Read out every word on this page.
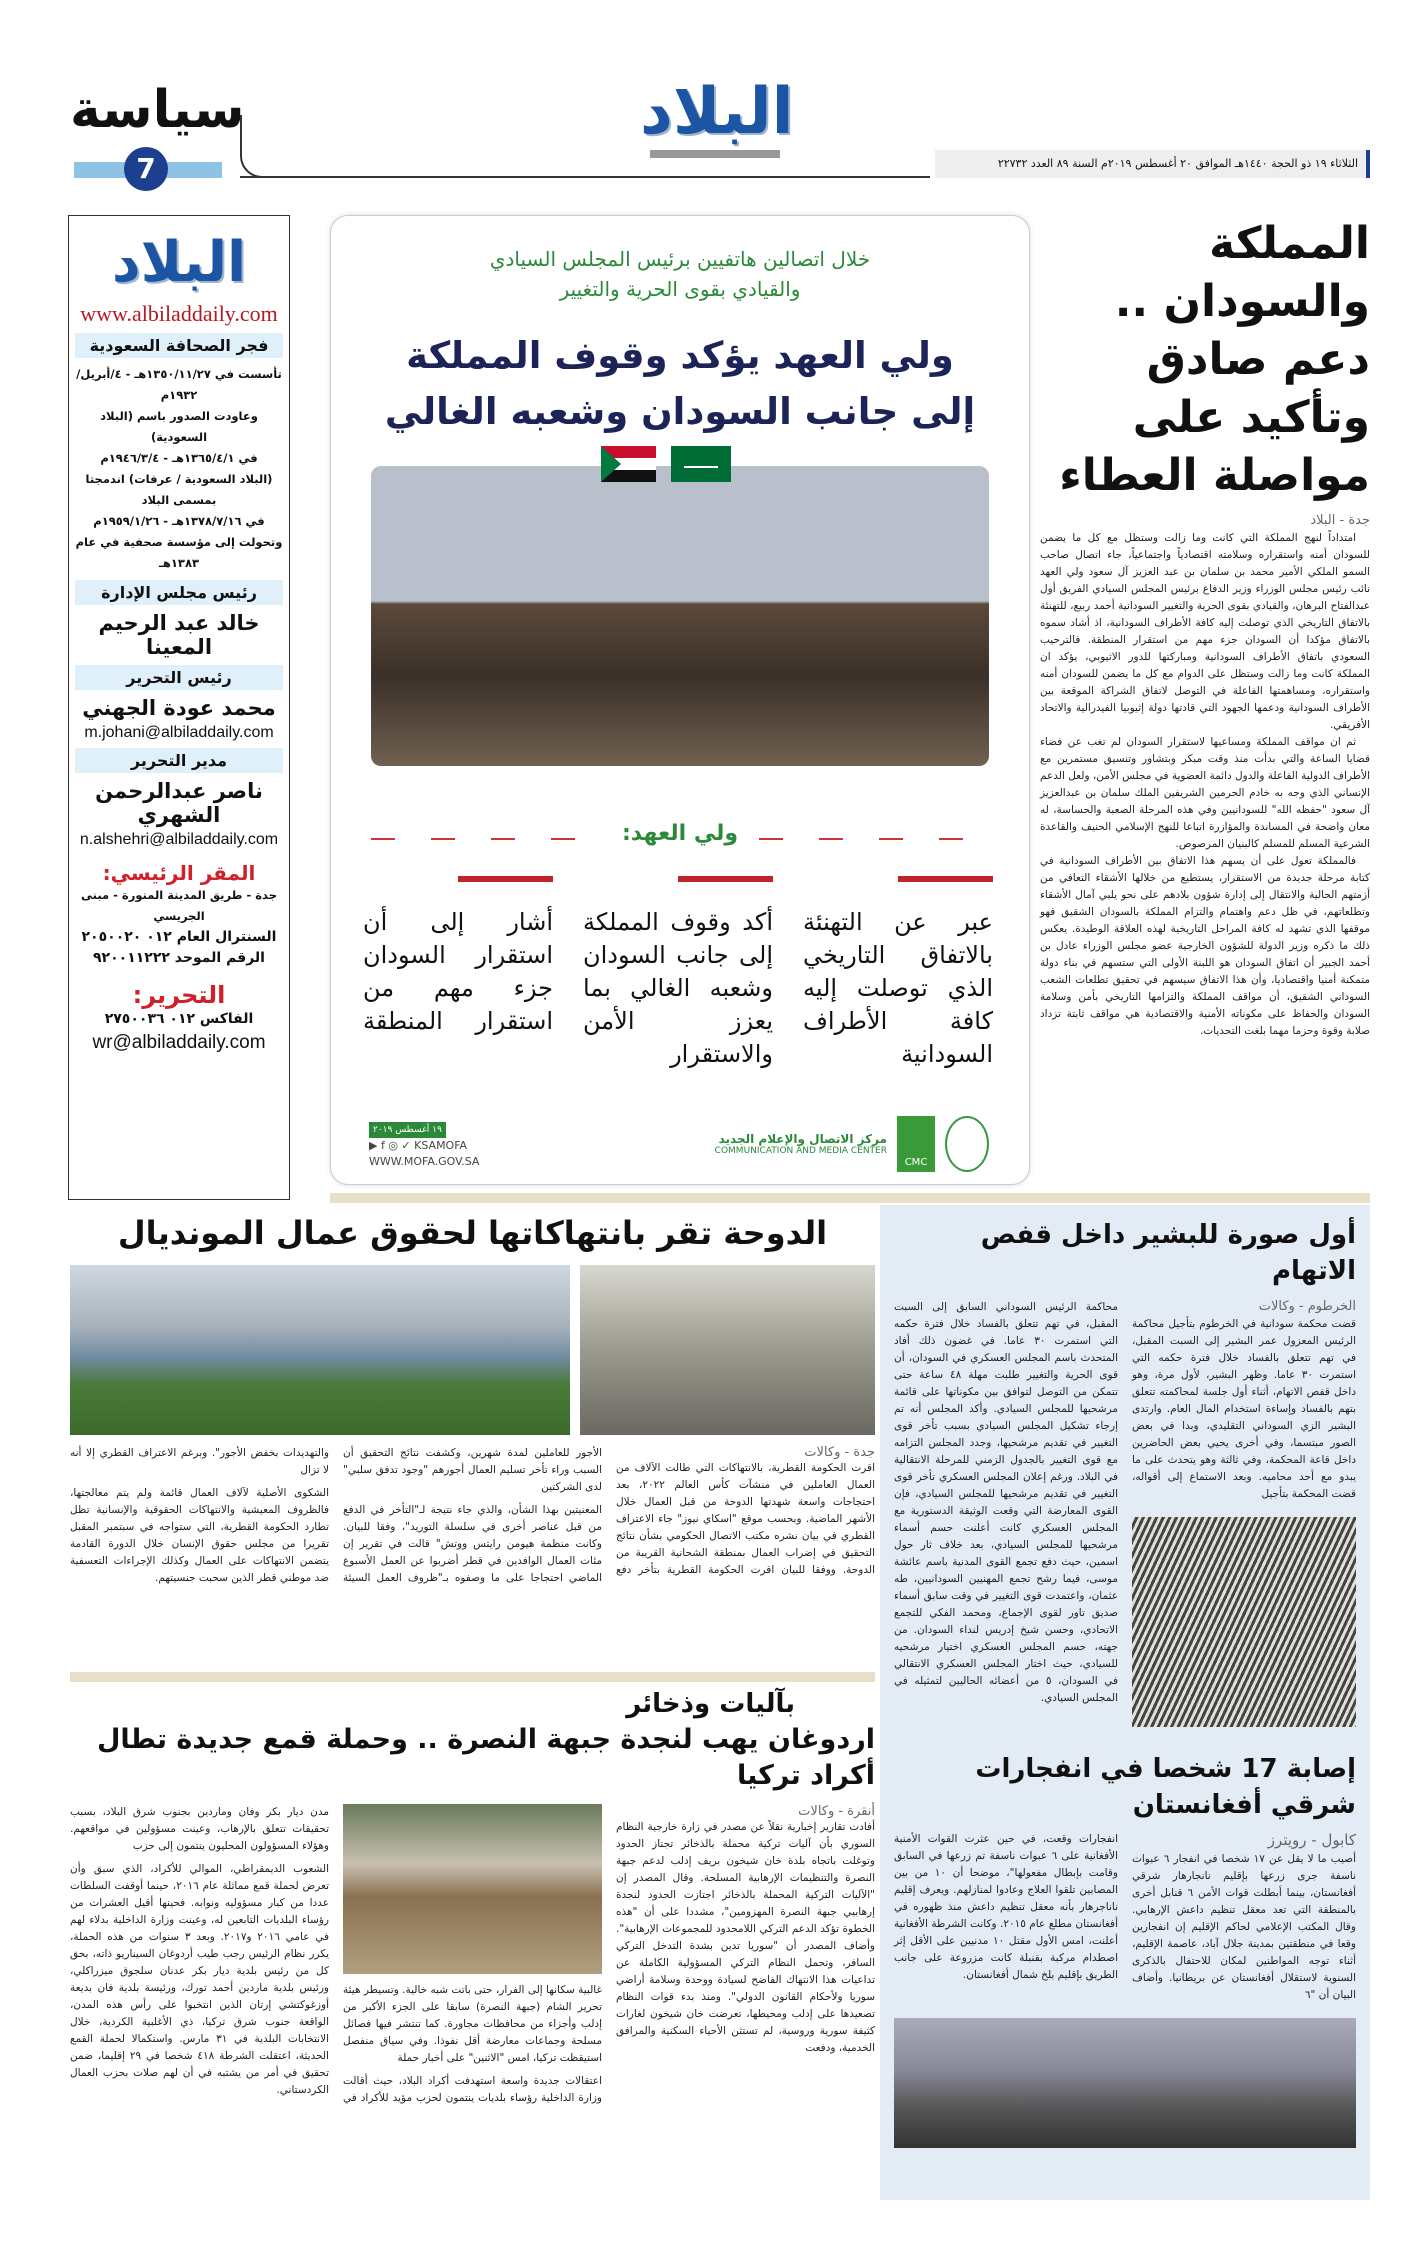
سياسة
7
البلاد
الثلاثاء ١٩ ذو الحجة ١٤٤٠هـ الموافق ٢٠ أغسطس ٢٠١٩م السنة ٨٩ العدد ٢٢٧٣٢
البلاد
www.albiladdaily.com
فجر الصحافة السعودية
تأسست في ١٣٥٠/١١/٢٧هـ - ٤/أبريل/١٩٣٢م
وعاودت الصدور باسم (البلاد السعودية)
في ١٣٦٥/٤/١هـ - ١٩٤٦/٣/٤م
(البلاد السعودية / عرفات) اندمجتا بمسمى البلاد
في ١٣٧٨/٧/١٦هـ - ١٩٥٩/١/٢٦م
وتحولت إلى مؤسسة صحفية في عام ١٣٨٣هـ
رئيس مجلس الإدارة
خالد عبد الرحيم المعينا
رئيس التحرير
محمد عودة الجهني
m.johani@albiladdaily.com
مدير التحرير
ناصر عبدالرحمن الشهري
n.alshehri@albiladdaily.com
المقر الرئيسي:
جدة - طريق المدينة المنورة - مبنى الجريسي
السنترال العام ٠١٢ ٢٠٥٠٠٢٠
الرقم الموحد ٩٢٠٠١١٢٢٢
التحرير:
الفاكس ٠١٢ ٢٧٥٠٠٣٦
wr@albiladdaily.com
خلال اتصالين هاتفيين برئيس المجلس السيادي
والقيادي بقوى الحرية والتغيير
ولي العهد يؤكد وقوف المملكة
إلى جانب السودان وشعبه الغالي
ولي العهد:
عبر عن التهنئة بالاتفاق التاريخي الذي توصلت إليه كافة الأطراف السودانية
أكد وقوف المملكة إلى جانب السودان وشعبه الغالي بما يعزز الأمن والاستقرار
أشار إلى أن استقرار السودان جزء مهم من استقرار المنطقة
١٩ أغسطس ٢٠١٩
▶ f ◎ ✓ KSAMOFA
WWW.MOFA.GOV.SA	CMC
مركز الاتصال والإعلام الجديد
COMMUNICATION AND MEDIA CENTER
المملكة والسودان ..
دعم صادق
وتأكيد على
مواصلة العطاء
جدة - البلاد

امتداداً لنهج المملكة التي كانت وما زالت وستظل مع كل ما يضمن للسودان أمنه واستقراره وسلامته اقتصادياً واجتماعياً، جاء اتصال صاحب السمو الملكي الأمير محمد بن سلمان بن عبد العزيز آل سعود ولي العهد نائب رئيس مجلس الوزراء وزير الدفاع برئيس المجلس السيادي الفريق أول عبدالفتاح البرهان، والقيادي بقوى الحرية والتغيير السودانية أحمد ربيع، للتهنئة بالاتفاق التاريخي الذي توصلت إليه كافة الأطراف السودانية، اذ أشاد سموه بالاتفاق مؤكدا أن السودان جزء مهم من استقرار المنطقة. فالترحيب السعودي باتفاق الأطراف السودانية ومباركتها للدور الاثيوبي، يؤكد ان المملكة كانت وما زالت وستظل على الدوام مع كل ما يضمن للسودان أمنه واستقراره، ومساهمتها الفاعلة في التوصل لاتفاق الشراكة الموقعة بين الأطراف السودانية ودعمها الجهود التي قادتها دولة إثيوبيا الفيدرالية والاتحاد الأفريقي.

ثم ان مواقف المملكة ومساعيها لاستقرار السودان لم تغب عن فضاء قضايا الساعة والتي بدأت منذ وقت مبكر وبتشاور وتنسيق مستمرين مع الأطراف الدولية الفاعلة والدول دائمة العضوية في مجلس الأمن، ولعل الدعم الإنساني الذي وجه به خادم الحرمين الشريفين الملك سلمان بن عبدالعزيز آل سعود "حفظه الله" للسودانيين وفي هذه المرحلة الصعبة والحساسة، له معان واضحة في المساندة والمؤازرة اتباعا للنهج الإسلامي الحنيف والقاعدة الشرعية المسلم للمسلم كالبنيان المرصوص.

فالمملكة تعول على أن يسهم هذا الاتفاق بين الأطراف السودانية في كتابة مرحلة جديدة من الاستقرار، يستطيع من خلالها الأشقاء التعافي من أزمتهم الحالية والانتقال إلى إدارة شؤون بلادهم على نحو يلبي آمال الأشقاء وتطلعاتهم، في ظل دعم واهتمام والتزام المملكة بالسودان الشقيق فهو موقفها الذي تشهد له كافة المراحل التاريخية لهذه العلاقة الوطيدة. يعكس ذلك ما ذكره وزير الدولة للشؤون الخارجية عضو مجلس الوزراء عادل بن أحمد الجبير أن اتفاق السودان هو اللبنة الأولى التي ستسهم في بناء دولة متمكنة أمنيا واقتصاديا، وأن هذا الاتفاق سيسهم في تحقيق تطلعات الشعب السوداني الشقيق، أن مواقف المملكة والتزامها التاريخي بأمن وسلامة السودان والحفاظ على مكوناته الأمنية والاقتصادية هي مواقف ثابتة تزداد صلابة وقوة وحزما مهما بلغت التحديات.

أول صورة للبشير داخل قفص الاتهام
الخرطوم - وكالات
قضت محكمة سودانية في الخرطوم بتأجيل محاكمة الرئيس المعزول عمر البشير إلى السبت المقبل، في تهم تتعلق بالفساد خلال فترة حكمه التي استمرت ٣٠ عاما. وظهر البشير، لأول مرة، وهو داخل قفص الاتهام، أثناء أول جلسة لمحاكمته تتعلق بتهم بالفساد وإساءة استخدام المال العام. وارتدى البشير الزي السوداني التقليدي، وبدا في بعض الصور مبتسما، وفي أخرى يحيي بعض الحاضرين داخل قاعة المحكمة، وفي ثالثة وهو يتحدث على ما يبدو مع أحد محاميه. وبعد الاستماع إلى أقواله، قضت المحكمة بتأجيل
محاكمة الرئيس السوداني السابق إلى السبت المقبل، في تهم تتعلق بالفساد خلال فترة حكمه التي استمرت ٣٠ عاما. في غضون ذلك أفاد المتحدث باسم المجلس العسكري في السودان، أن قوى الحرية والتغيير طلبت مهلة ٤٨ ساعة حتى تتمكن من التوصل لتوافق بين مكوناتها على قائمة مرشحيها للمجلس السيادي. وأكد المجلس أنه تم إرجاء تشكيل المجلس السيادي بسبب تأخر قوى التغيير في تقديم مرشحيها، وجدد المجلس التزامه مع قوى التغيير بالجدول الزمني للمرحلة الانتقالية في البلاد. ورغم إعلان المجلس العسكري تأخر قوى التغيير في تقديم مرشحيها للمجلس السيادي، فإن القوى المعارضة التي وقعت الوثيقة الدستورية مع المجلس العسكري كانت أعلنت حسم أسماء مرشحيها للمجلس السيادي، بعد خلاف ثار حول اسمين، حيث دفع تجمع القوى المدنية باسم عائشة موسى، فيما رشح تجمع المهنيين السودانيين، طه عثمان، واعتمدت قوى التغيير في وقت سابق أسماء صديق تاور لقوى الإجماع، ومحمد الفكي للتجمع الاتحادي، وحسن شيخ إدريس لنداء السودان. من جهته، حسم المجلس العسكري اختيار مرشحيه للسيادي، حيث اختار المجلس العسكري الانتقالي في السودان، ٥ من أعضائه الحاليين لتمثيله في المجلس السيادي.
إصابة 17 شخصا في انفجارات شرقي أفغانستان
كابول - رويترز
أصيب ما لا يقل عن ١٧ شخصا في انفجار ٦ عبوات ناسفة جرى زرعها بإقليم نانجارهار شرقي أفغانستان، بينما أبطلت قوات الأمن ٦ قنابل أخرى بالمنطقة التي تعد معقل تنظيم داعش الإرهابي. وقال المكتب الإعلامي لحاكم الإقليم إن انفجارين وقعا في منطقتين بمدينة جلال آباد، عاصمة الإقليم، أثناء توجه المواطنين لمكان للاحتفال بالذكرى السنوية لاستقلال أفغانستان عن بريطانيا. وأضاف البيان أن "٦
انفجارات وقعت، في حين عثرت القوات الأمنية الأفغانية على ٦ عبوات ناسفة تم زرعها في السابق وقامت بإبطال مفعولها"، موضحا أن ١٠ من بين المصابين تلقوا العلاج وعادوا لمنازلهم. ويعرف إقليم ناناجرهار بأنه معقل تنظيم داعش منذ ظهوره في أفغانستان مطلع عام ٢٠١٥. وكانت الشرطة الأفغانية أعلنت، امس الأول مقتل ١٠ مدنيين على الأقل إثر اصطدام مركبة بقنبلة كانت مزروعة على جانب الطريق بإقليم بلخ شمال أفغانستان.
الدوحة تقر بانتهاكاتها لحقوق عمال المونديال
جدة - وكالات
اقرت الحكومة القطرية، بالانتهاكات التي طالت الآلاف من العمال العاملين في منشآت كأس العالم ٢٠٢٢، بعد احتجاجات واسعة شهدتها الدوحة من قبل العمال خلال الأشهر الماضية. وبحسب موقع "اسكاي نيوز" جاء الاعتراف القطري في بيان نشره مكتب الاتصال الحكومي بشأن نتائج التحقيق في إضراب العمال بمنطقة الشحانية القريبة من الدوحة. ووفقا للبيان اقرت الحكومة القطرية بتأخر دفع الأجور للعاملين لمدة شهرين، وكشفت نتائج التحقيق أن السبب وراء تأخر تسليم العمال أجورهم "وجود تدفق سلبي" لدى الشركتين
المعنيتين بهذا الشأن، والذي جاء نتيجة لـ"التأخر في الدفع من قبل عناصر أخرى في سلسلة التوريد"، وفقا للبيان. وكانت منظمة هيومن رايتس ووتش" قالت في تقرير إن مئات العمال الوافدين في قطر أضربوا عن العمل الأسبوع الماضي احتجاجا على ما وصفوه بـ"ظروف العمل السيئة والتهديدات بخفض الأجور". وبرغم الاعتراف القطري إلا أنه لا تزال
الشكوى الأصلية لآلاف العمال قائمة ولم يتم معالجتها، فالظروف المعيشية والانتهاكات الحقوقية والإنسانية تظل تطارد الحكومة القطرية، التي ستواجه في سبتمبر المقبل تقريرا من مجلس حقوق الإنسان خلال الدورة القادمة يتضمن الانتهاكات على العمال وكذلك الإجراءات التعسفية ضد موطني قطر الذين سحبت جنسيتهم.
بآليات وذخائر
اردوغان يهب لنجدة جبهة النصرة .. وحملة قمع جديدة تطال أكراد تركيا
أنقرة - وكالات
أفادت تقارير إخبارية نقلاً عن مصدر في زارة خارجية النظام السوري بأن آليات تركية محملة بالذخائر تجتاز الحدود وتوغلت باتجاه بلدة خان شيخون بريف إدلب لدعم جبهة النصرة والتنظيمات الإرهابية المسلحة. وقال المصدر إن "الآليات التركية المحملة بالذخائر اجتازت الحدود لنجدة إرهابيي جبهة النصرة المهزومين"، مشددا على أن "هذه الخطوة تؤكد الدعم التركي اللامحدود للمجموعات الإرهابية". وأضاف المصدر أن "سوريا تدين بشدة التدخل التركي السافر، وتحمل النظام التركي المسؤولية الكاملة عن تداعيات هذا الانتهاك الفاضح لسيادة ووحدة وسلامة أراضي سوريا ولأحكام القانون الدولي". ومنذ بدء قوات النظام تصعيدها على إدلب ومحيطها، تعرضت خان شيخون لغارات كثيفة سورية وروسية، لم تستثن الأحياء السكنية والمرافق الخدمية، ودفعت
غالبية سكانها إلى الفرار، حتى باتت شبه خالية. وتسيطر هيئة تحرير الشام (جبهة النصرة) سابقا على الجزء الأكبر من إدلب وأجزاء من محافظات مجاورة. كما تنتشر فيها فصائل مسلحة وجماعات معارضة أقل نفوذا. وفي سياق منفصل استيقظت تركيا، امس "الاثنين" على أخبار حملة
اعتقالات جديدة واسعة استهدفت أكراد البلاد، حيث أقالت وزارة الداخلية رؤساء بلديات ينتمون لحزب مؤيد للأكراد في مدن ديار بكر وفان وماردين بجنوب شرق البلاد، بسبب تحقيقات تتعلق بالإرهاب، وعينت مسؤولين في مواقعهم. وهؤلاء المسؤولون المحليون ينتمون إلى حزب
الشعوب الديمقراطي، الموالي للأكراد، الذي سبق وأن تعرض لحملة قمع مماثلة عام ٢٠١٦، حينما أوقفت السلطات عددا من كبار مسؤوليه ونوابه. فحينها أقيل العشرات من رؤساء البلديات التابعين له، وعينت وزارة الداخلية بدلاء لهم في عامي ٢٠١٦ و٢٠١٧. وبعد ٣ سنوات من هذه الحملة، يكرر نظام الرئيس رجب طيب أردوغان السيناريو ذاته، بحق كل من رئيس بلدية ديار بكر عدنان سلجوق ميزراكلي، ورئيس بلدية ماردين أحمد تورك، ورئيسة بلدية فان بديعة أوزغوكتشي إرتان الذين انتخبوا على رأس هذه المدن، الواقعة جنوب شرق تركيا، ذي الأغلبية الكردية، خلال الانتخابات البلدية في ٣١ مارس. واستكمالا لحملة القمع الحديثة، اعتقلت الشرطة ٤١٨ شخصا في ٢٩ إقليما، ضمن تحقيق في أمر من يشتبه في أن لهم صلات بحزب العمال الكردستاني.
